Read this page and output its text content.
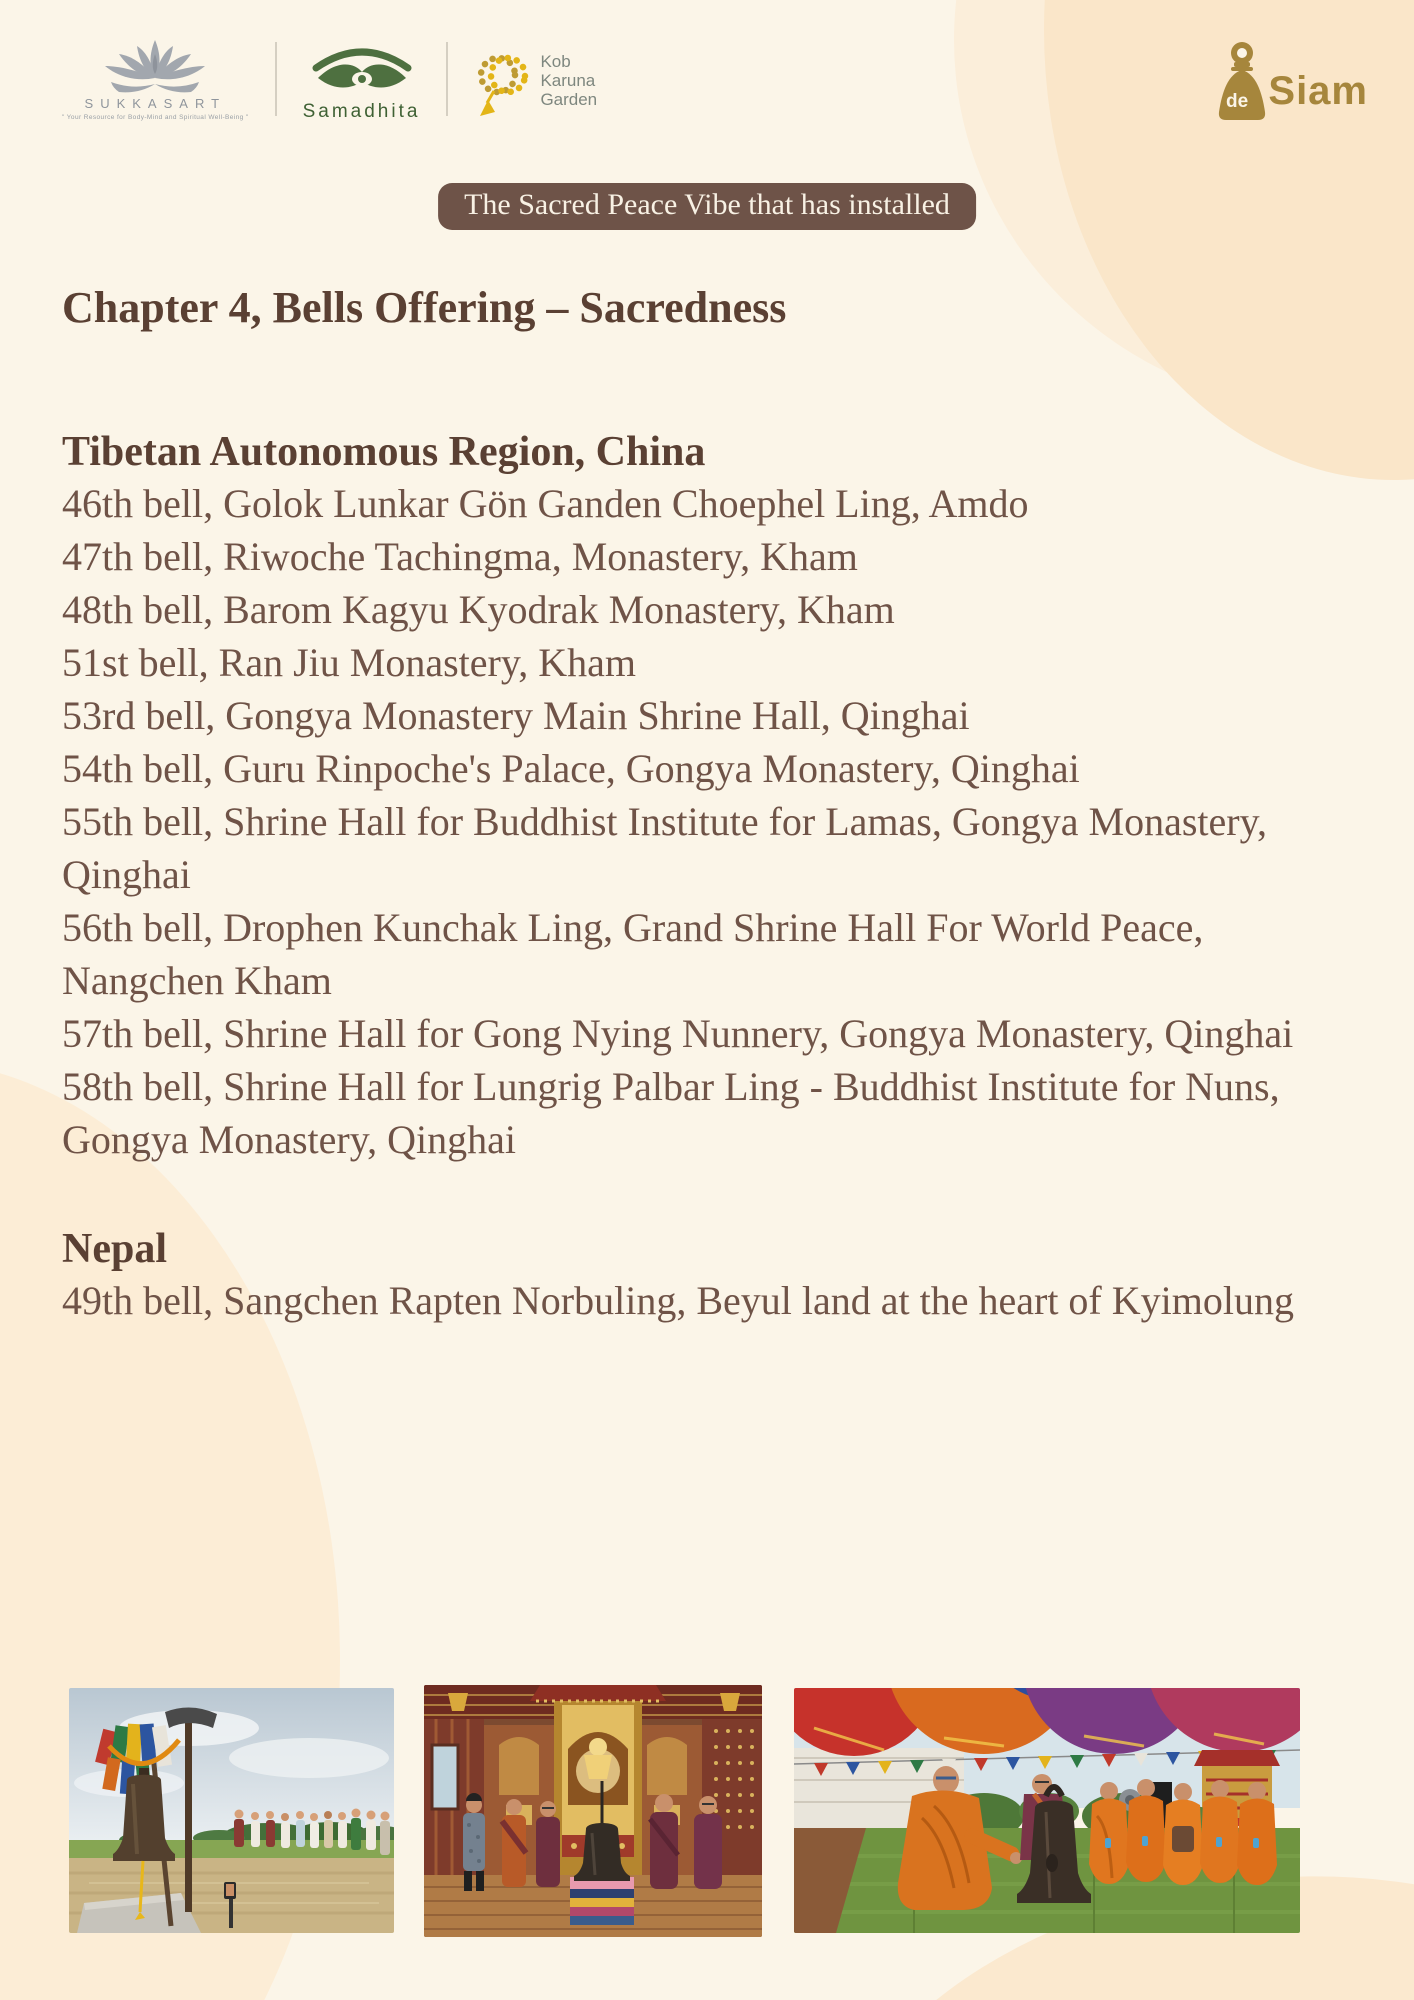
SUKKASART
" Your Resource for Body-Mind and Spiritual Well-Being "	Samadhita
Kob
Karuna
Garden	de Siam
The Sacred Peace Vibe that has installed
Chapter 4, Bells Offering – Sacredness
Tibetan Autonomous Region, China

46th bell, Golok Lunkar Gön Ganden Choephel Ling, Amdo

47th bell, Riwoche Tachingma, Monastery, Kham

48th bell, Barom Kagyu Kyodrak Monastery, Kham

51st bell, Ran Jiu Monastery, Kham

53rd bell, Gongya Monastery Main Shrine Hall, Qinghai

54th bell, Guru Rinpoche's Palace, Gongya Monastery, Qinghai

55th bell, Shrine Hall for Buddhist Institute for Lamas, Gongya Monastery, Qinghai

56th bell, Drophen Kunchak Ling, Grand Shrine Hall For World Peace, Nangchen Kham

57th bell, Shrine Hall for Gong Nying Nunnery, Gongya Monastery, Qinghai

58th bell, Shrine Hall for Lungrig Palbar Ling - Buddhist Institute for Nuns, Gongya Monastery, Qinghai

Nepal

49th bell, Sangchen Rapten Norbuling, Beyul land at the heart of Kyimolung
